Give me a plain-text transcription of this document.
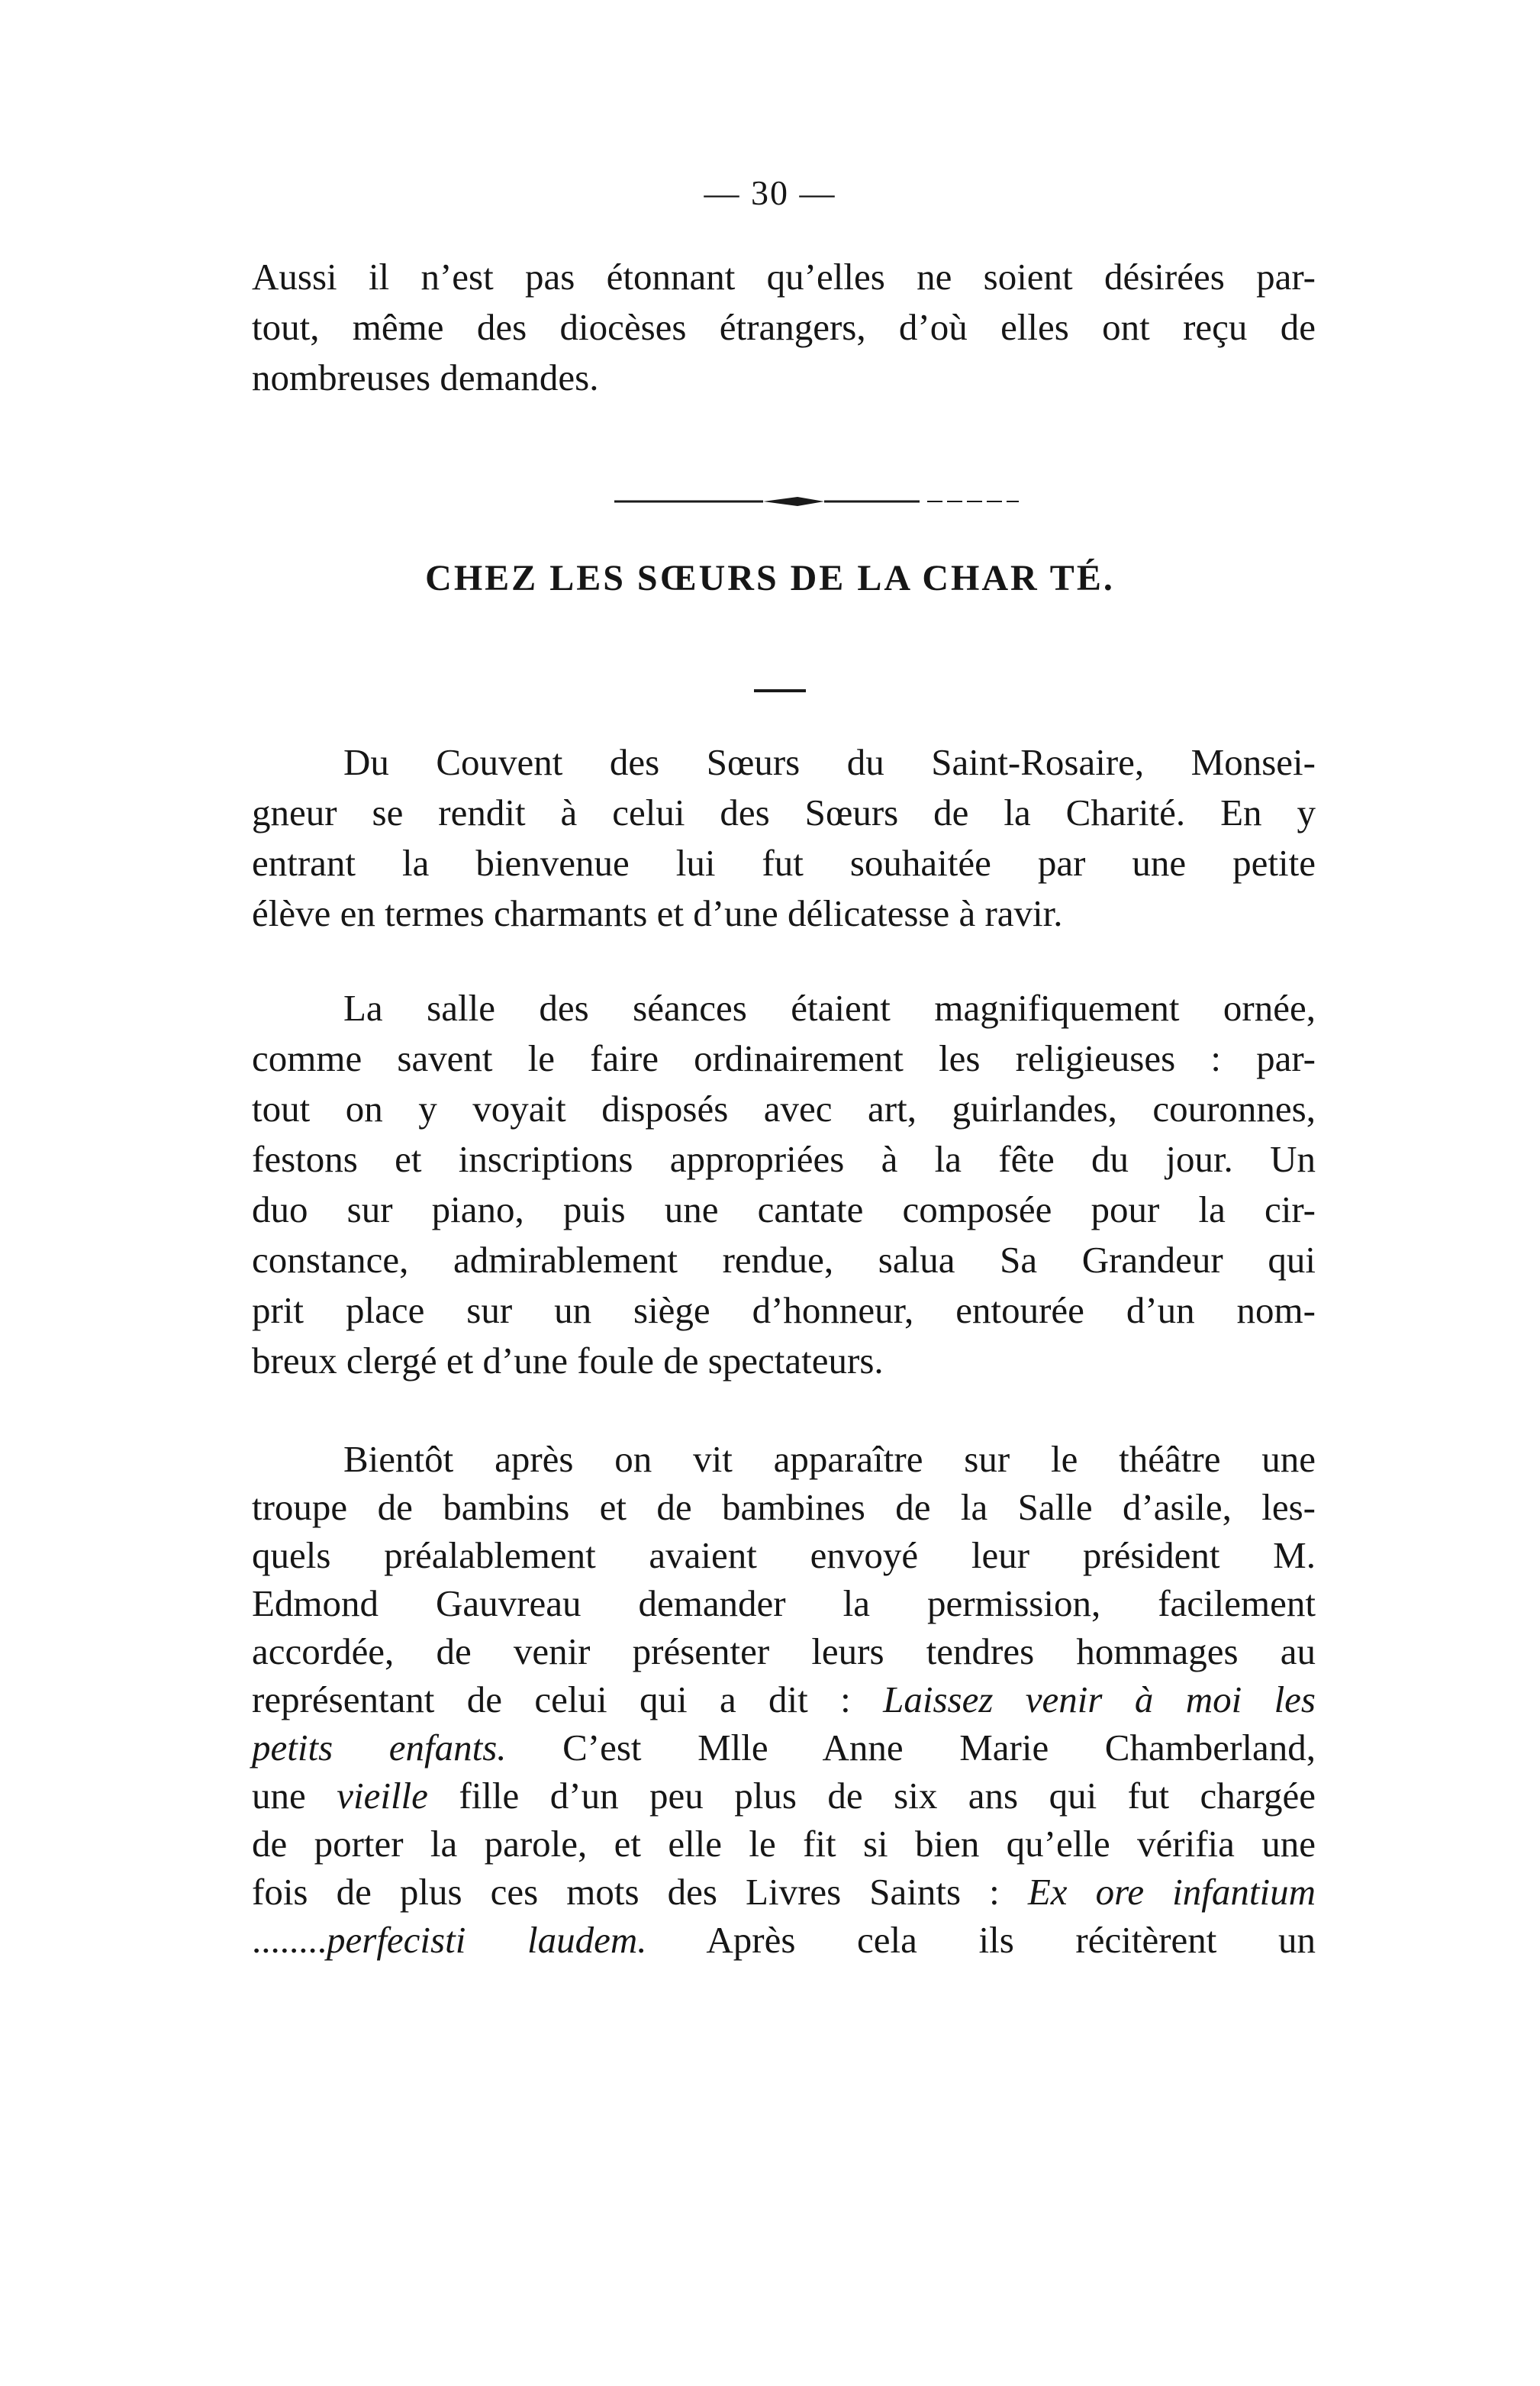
— 30 —
Aussi il n’est pas étonnant qu’elles ne soient désirées par-
tout, même des diocèses étrangers, d’où elles ont reçu de
nombreuses demandes.
CHEZ LES SŒURS DE LA CHAR TÉ.
Du Couvent des Sœurs du Saint-Rosaire, Monsei-
gneur se rendit à celui des Sœurs de la Charité. En y
entrant la bienvenue lui fut souhaitée par une petite
élève en termes charmants et d’une délicatesse à ravir.
La salle des séances étaient magnifiquement ornée,
comme savent le faire ordinairement les religieuses : par-
tout on y voyait disposés avec art, guirlandes, couronnes,
festons et inscriptions appropriées à la fête du jour. Un
duo sur piano, puis une cantate composée pour la cir-
constance, admirablement rendue, salua Sa Grandeur qui
prit place sur un siège d’honneur, entourée d’un nom-
breux clergé et d’une foule de spectateurs.
Bientôt après on vit apparaître sur le théâtre une
troupe de bambins et de bambines de la Salle d’asile, les-
quels préalablement avaient envoyé leur président M.
Edmond Gauvreau demander la permission, facilement
accordée, de venir présenter leurs tendres hommages au
représentant de celui qui a dit : Laissez venir à moi les
petits enfants. C’est Mlle Anne Marie Chamberland,
une vieille fille d’un peu plus de six ans qui fut chargée
de porter la parole, et elle le fit si bien qu’elle vérifia une
fois de plus ces mots des Livres Saints : Ex ore infantium
........perfecisti laudem. Après cela ils récitèrent un
